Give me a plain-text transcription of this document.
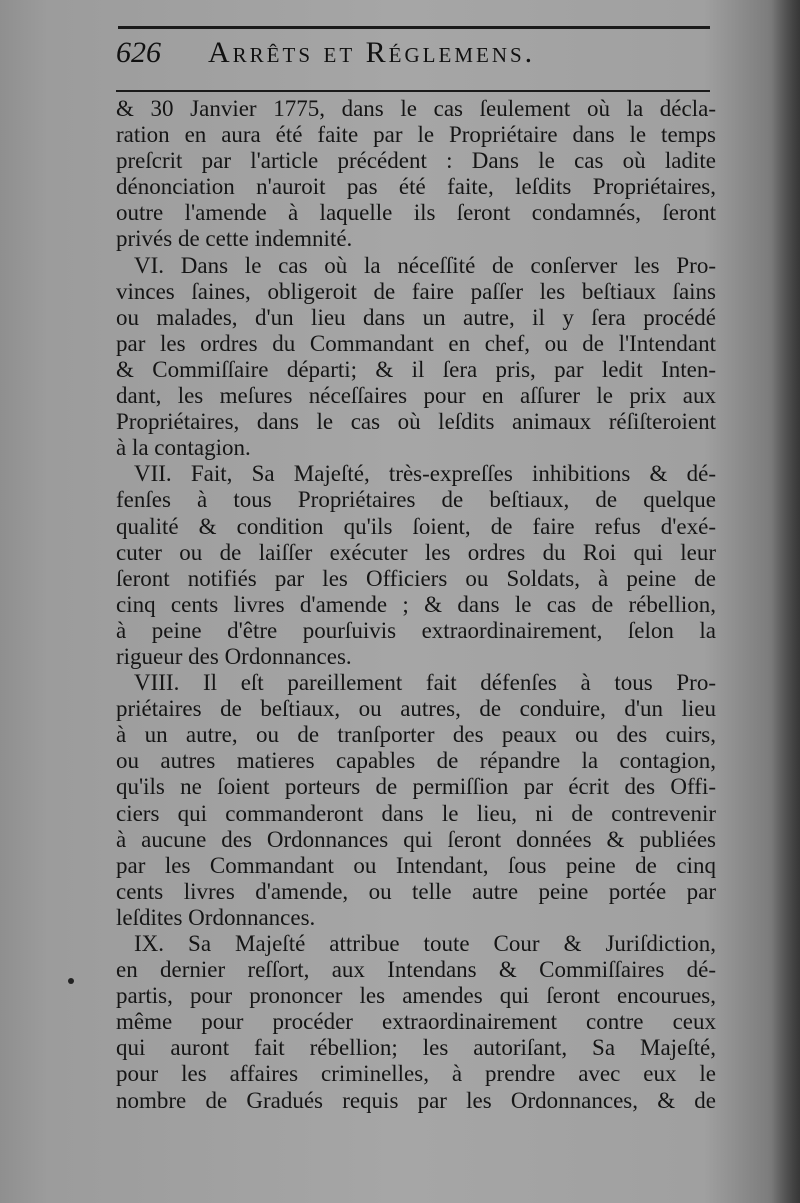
626 Arrêts et Réglemens.
& 30 Janvier 1775, dans le cas ſeulement où la décla-
ration en aura été faite par le Propriétaire dans le temps
preſcrit par l'article précédent : Dans le cas où ladite
dénonciation n'auroit pas été faite, leſdits Propriétaires,
outre l'amende à laquelle ils ſeront condamnés, ſeront
privés de cette indemnité.
VI. Dans le cas où la néceſſité de conſerver les Pro-
vinces ſaines, obligeroit de faire paſſer les beſtiaux ſains
ou malades, d'un lieu dans un autre, il y ſera procédé
par les ordres du Commandant en chef, ou de l'Intendant
& Commiſſaire départi; & il ſera pris, par ledit Inten-
dant, les meſures néceſſaires pour en aſſurer le prix aux
Propriétaires, dans le cas où leſdits animaux réſiſteroient
à la contagion.
VII. Fait, Sa Majeſté, très-expreſſes inhibitions & dé-
fenſes à tous Propriétaires de beſtiaux, de quelque
qualité & condition qu'ils ſoient, de faire refus d'exé-
cuter ou de laiſſer exécuter les ordres du Roi qui leur
ſeront notifiés par les Officiers ou Soldats, à peine de
cinq cents livres d'amende ; & dans le cas de rébellion,
à peine d'être pourſuivis extraordinairement, ſelon la
rigueur des Ordonnances.
VIII. Il eſt pareillement fait défenſes à tous Pro-
priétaires de beſtiaux, ou autres, de conduire, d'un lieu
à un autre, ou de tranſporter des peaux ou des cuirs,
ou autres matieres capables de répandre la contagion,
qu'ils ne ſoient porteurs de permiſſion par écrit des Offi-
ciers qui commanderont dans le lieu, ni de contrevenir
à aucune des Ordonnances qui ſeront données & publiées
par les Commandant ou Intendant, ſous peine de cinq
cents livres d'amende, ou telle autre peine portée par
leſdites Ordonnances.
IX. Sa Majeſté attribue toute Cour & Juriſdiction,
en dernier reſſort, aux Intendans & Commiſſaires dé-
partis, pour prononcer les amendes qui ſeront encourues,
même pour procéder extraordinairement contre ceux
qui auront fait rébellion; les autoriſant, Sa Majeſté,
pour les affaires criminelles, à prendre avec eux le
nombre de Gradués requis par les Ordonnances, & de
